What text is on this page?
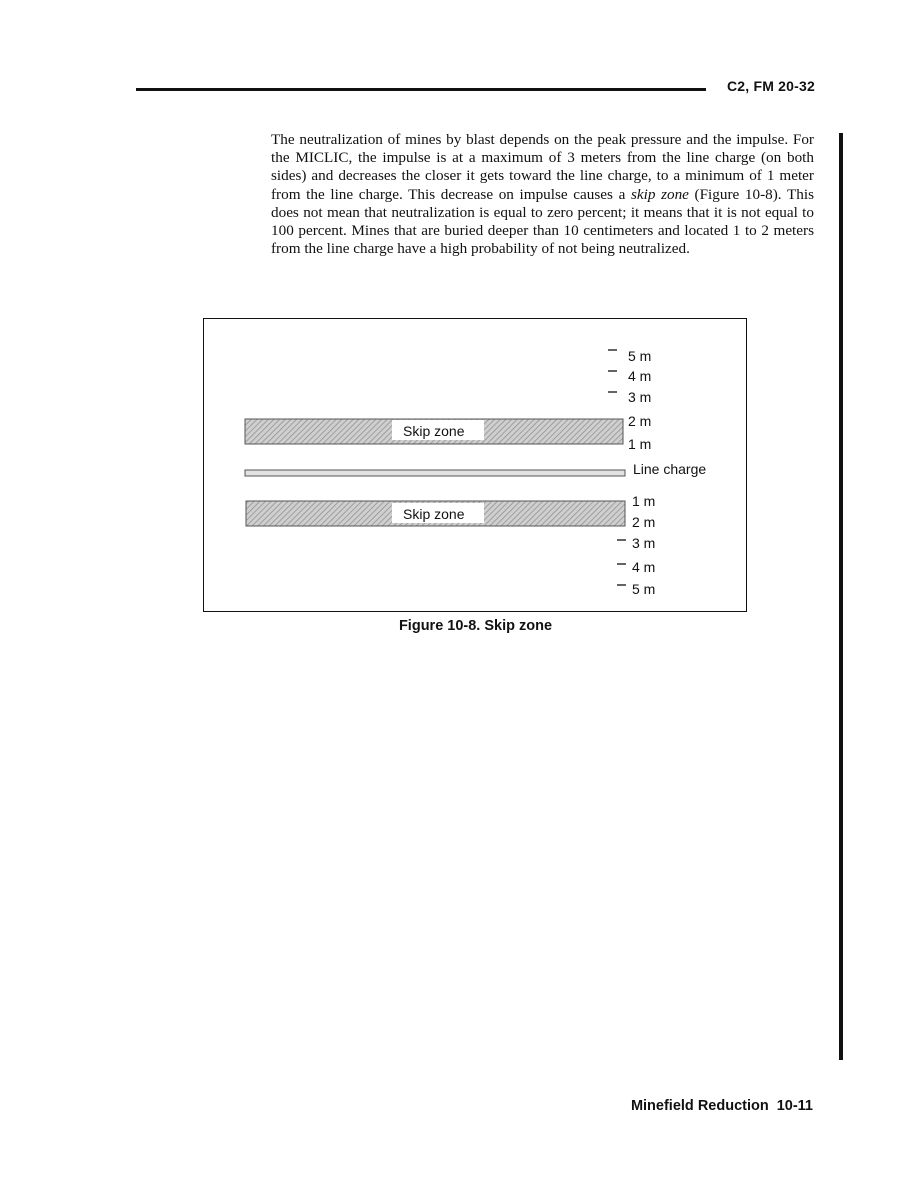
C2, FM 20-32

The neutralization of mines by blast depends on the peak pressure and the impulse. For the MICLIC, the impulse is at a maximum of 3 meters from the line charge (on both sides) and decreases the closer it gets toward the line charge, to a minimum of 1 meter from the line charge. This decrease on impulse causes a skip zone (Figure 10-8). This does not mean that neutralization is equal to zero percent; it means that it is not equal to 100 percent. Mines that are buried deeper than 10 centimeters and located 1 to 2 meters from the line charge have a high probability of not being neutralized.

5 m
4 m
3 m
2 m
1 m
Skip zone
Line charge
Skip zone
1 m
2 m
3 m
4 m
5 m
Figure 10-8. Skip zone
Minefield Reduction 10-11
